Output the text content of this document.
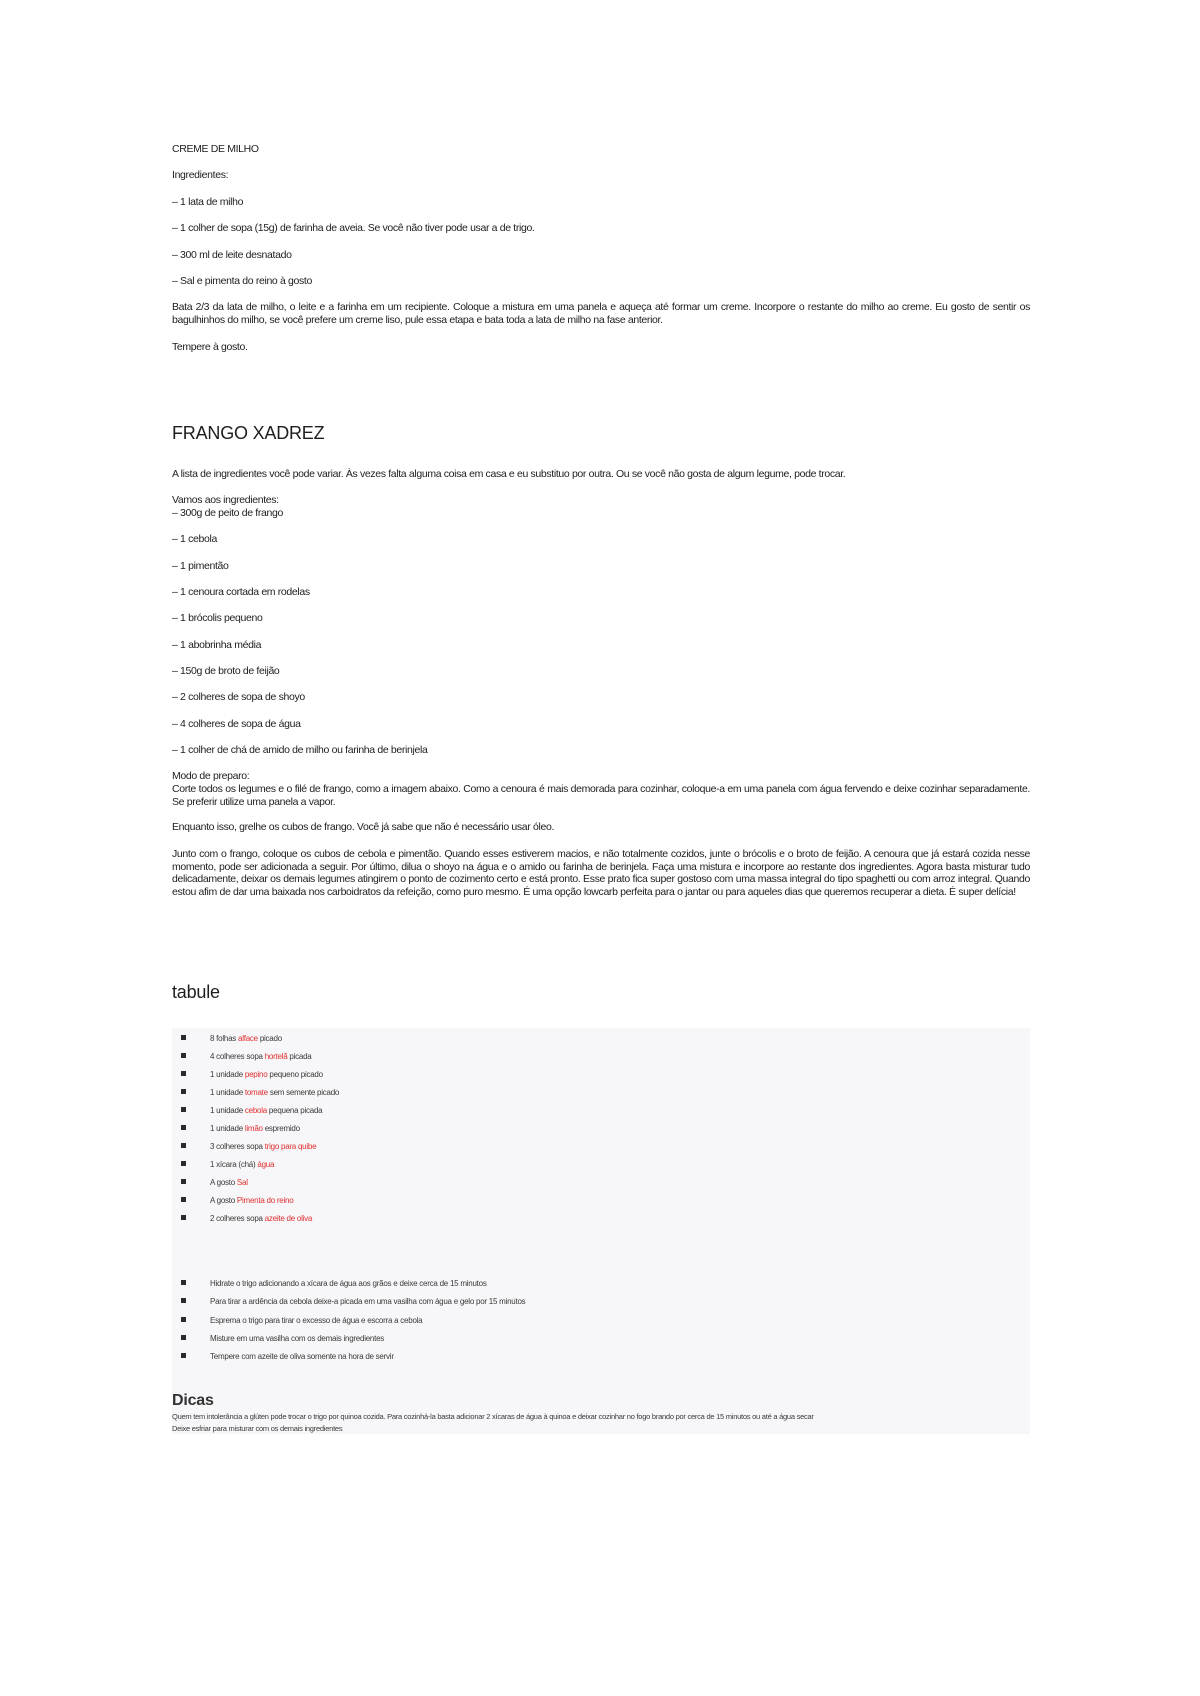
CREME DE MILHO

Ingredientes:

– 1 lata de milho

– 1 colher de sopa (15g) de farinha de aveia. Se você não tiver pode usar a de trigo.

– 300 ml de leite desnatado

– Sal e pimenta do reino à gosto

Bata 2/3 da lata de milho, o leite e a farinha em um recipiente. Coloque a mistura em uma panela e aqueça até formar um creme. Incorpore o restante do milho ao creme. Eu gosto de sentir os bagulhinhos do milho, se você prefere um creme liso, pule essa etapa e bata toda a lata de milho na fase anterior.

Tempere à gosto.

FRANGO XADREZ

A lista de ingredientes você pode variar. Às vezes falta alguma coisa em casa e eu substituo por outra. Ou se você não gosta de algum legume, pode trocar.

Vamos aos ingredientes:

– 300g de peito de frango

– 1 cebola

– 1 pimentão

– 1 cenoura cortada em rodelas

– 1 brócolis pequeno

– 1 abobrinha média

– 150g de broto de feijão

– 2 colheres de sopa de shoyo

– 4 colheres de sopa de água

– 1 colher de chá de amido de milho ou farinha de berinjela

Modo de preparo:

Corte todos os legumes e o filé de frango, como a imagem abaixo. Como a cenoura é mais demorada para cozinhar, coloque-a em uma panela com água fervendo e deixe cozinhar separadamente. Se preferir utilize uma panela a vapor.

Enquanto isso, grelhe os cubos de frango. Você já sabe que não é necessário usar óleo.

Junto com o frango, coloque os cubos de cebola e pimentão. Quando esses estiverem macios, e não totalmente cozidos, junte o brócolis e o broto de feijão. A cenoura que já estará cozida nesse momento, pode ser adicionada a seguir. Por último, dilua o shoyo na água e o amido ou farinha de berinjela. Faça uma mistura e incorpore ao restante dos ingredientes. Agora basta misturar tudo delicadamente, deixar os demais legumes atingirem o ponto de cozimento certo e está pronto. Esse prato fica super gostoso com uma massa integral do tipo spaghetti ou com arroz integral. Quando estou afim de dar uma baixada nos carboidratos da refeição, como puro mesmo. É uma opção lowcarb perfeita para o jantar ou para aqueles dias que queremos recuperar a dieta. É super delícia!

tabule
8 folhas alface picado
4 colheres sopa hortelã picada
1 unidade pepino pequeno picado
1 unidade tomate sem semente picado
1 unidade cebola pequena picada
1 unidade limão espremido
3 colheres sopa trigo para quibe
1 xícara (chá) água
A gosto Sal
A gosto Pimenta do reino
2 colheres sopa azeite de oliva
Hidrate o trigo adicionando a xícara de água aos grãos e deixe cerca de 15 minutos
Para tirar a ardência da cebola deixe-a picada em uma vasilha com água e gelo por 15 minutos
Esprema o trigo para tirar o excesso de água e escorra a cebola
Misture em uma vasilha com os demais ingredientes
Tempere com azeite de oliva somente na hora de servir

Dicas

Quem tem intolerância a glúten pode trocar o trigo por quinoa cozida. Para cozinhá-la basta adicionar 2 xícaras de água à quinoa e deixar cozinhar no fogo brando por cerca de 15 minutos ou até a água secar

Deixe esfriar para misturar com os demais ingredientes
